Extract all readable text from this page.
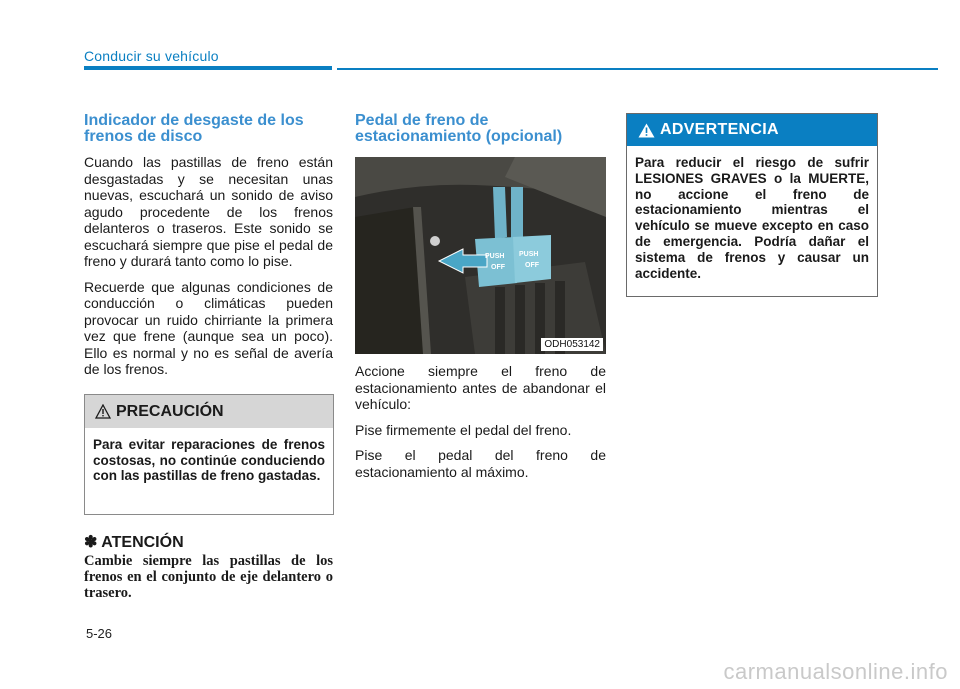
Conducir su vehículo
Indicador de desgaste de los frenos de disco

Cuando las pastillas de freno están desgastadas y se necesitan unas nuevas, escuchará un sonido de aviso agudo procedente de los frenos delanteros o traseros. Este sonido se escuchará siempre que pise el pedal de freno y durará tanto como lo pise.

Recuerde que algunas condiciones de conducción o climáticas pueden provocar un ruido chirriante la primera vez que frene (aunque sea un poco). Ello es normal y no es señal de avería de los frenos.

PRECAUCIÓN
Para evitar reparaciones de frenos costosas, no continúe conduciendo con las pastillas de freno gastadas.
✽ ATENCIÓN
Cambie siempre las pastillas de los frenos en el conjunto de eje delantero o trasero.
Pedal de freno de estacionamiento (opcional)
PUSH
OFF
PUSH
OFF
ODH053142

Accione siempre el freno de estacionamiento antes de abandonar el vehículo:

Pise firmemente el pedal del freno.

Pise el pedal del freno de estacionamiento al máximo.

ADVERTENCIA
Para reducir el riesgo de sufrir LESIONES GRAVES o la MUERTE, no accione el freno de estacionamiento mientras el vehículo se mueve excepto en caso de emergencia. Podría dañar el sistema de frenos y causar un accidente.
5-26
carmanualsonline.info
